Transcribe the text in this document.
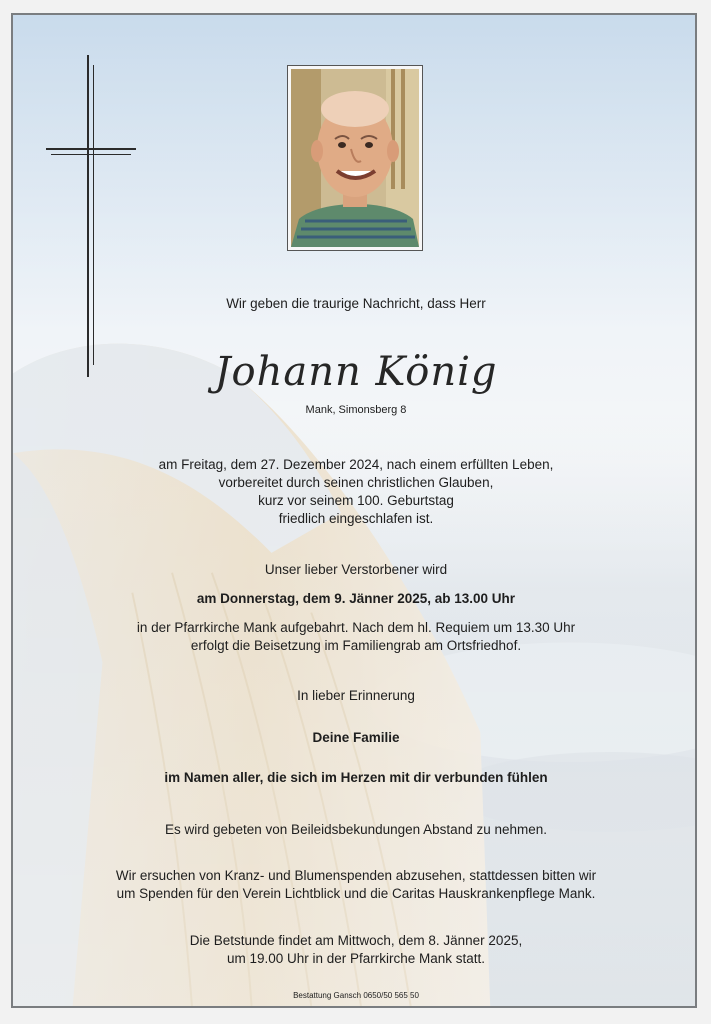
Wir geben die traurige Nachricht, dass Herr
Johann König
Mank, Simonsberg 8
am Freitag, dem 27. Dezember 2024, nach einem erfüllten Leben,
vorbereitet durch seinen christlichen Glauben,
kurz vor seinem 100. Geburtstag
friedlich eingeschlafen ist.
Unser lieber Verstorbener wird
am Donnerstag, dem 9. Jänner 2025, ab 13.00 Uhr
in der Pfarrkirche Mank aufgebahrt. Nach dem hl. Requiem um 13.30 Uhr
erfolgt die Beisetzung im Familiengrab am Ortsfriedhof.
In lieber Erinnerung
Deine Familie
im Namen aller, die sich im Herzen mit dir verbunden fühlen
Es wird gebeten von Beileidsbekundungen Abstand zu nehmen.
Wir ersuchen von Kranz- und Blumenspenden abzusehen, stattdessen bitten wir
um Spenden für den Verein Lichtblick und die Caritas Hauskrankenpflege Mank.
Die Betstunde findet am Mittwoch, dem 8. Jänner 2025,
um 19.00 Uhr in der Pfarrkirche Mank statt.
Bestattung Gansch 0650/50 565 50
